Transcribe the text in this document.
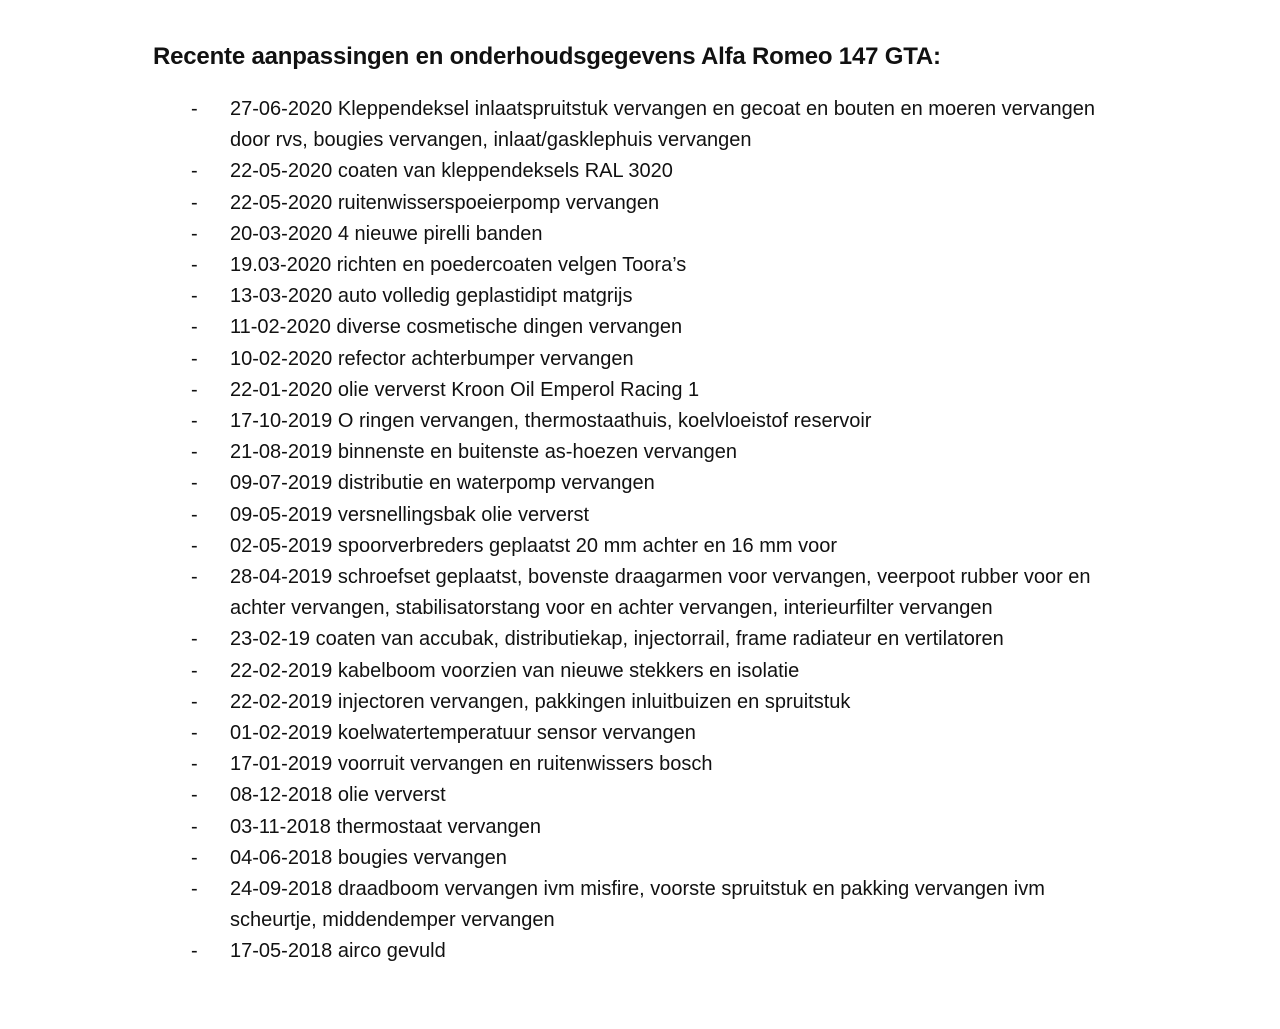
Recente aanpassingen en onderhoudsgegevens Alfa Romeo 147 GTA:
- 27-06-2020 Kleppendeksel inlaatspruitstuk vervangen en gecoat en bouten en moeren vervangen door rvs, bougies vervangen, inlaat/gasklephuis vervangen
- 22-05-2020 coaten van kleppendeksels RAL 3020
- 22-05-2020 ruitenwisserspoeierpomp vervangen
- 20-03-2020 4 nieuwe pirelli banden
- 19.03-2020 richten en poedercoaten velgen Toora’s
- 13-03-2020 auto volledig geplastidipt matgrijs
- 11-02-2020 diverse cosmetische dingen vervangen
- 10-02-2020 refector achterbumper vervangen
- 22-01-2020 olie ververst Kroon Oil Emperol Racing 1
- 17-10-2019 O ringen vervangen, thermostaathuis, koelvloeistof reservoir
- 21-08-2019 binnenste en buitenste as-hoezen vervangen
- 09-07-2019 distributie en waterpomp vervangen
- 09-05-2019 versnellingsbak olie ververst
- 02-05-2019 spoorverbreders geplaatst 20 mm achter en 16 mm voor
- 28-04-2019 schroefset geplaatst, bovenste draagarmen voor vervangen, veerpoot rubber voor en achter vervangen, stabilisatorstang voor en achter vervangen, interieurfilter vervangen
- 23-02-19 coaten van accubak, distributiekap, injectorrail, frame radiateur en vertilatoren
- 22-02-2019 kabelboom voorzien van nieuwe stekkers en isolatie
- 22-02-2019 injectoren vervangen, pakkingen inluitbuizen en spruitstuk
- 01-02-2019 koelwatertemperatuur sensor vervangen
- 17-01-2019 voorruit vervangen en ruitenwissers bosch
- 08-12-2018 olie ververst
- 03-11-2018 thermostaat vervangen
- 04-06-2018 bougies vervangen
- 24-09-2018 draadboom vervangen ivm misfire, voorste spruitstuk en pakking vervangen ivm scheurtje, middendemper vervangen
- 17-05-2018 airco gevuld
